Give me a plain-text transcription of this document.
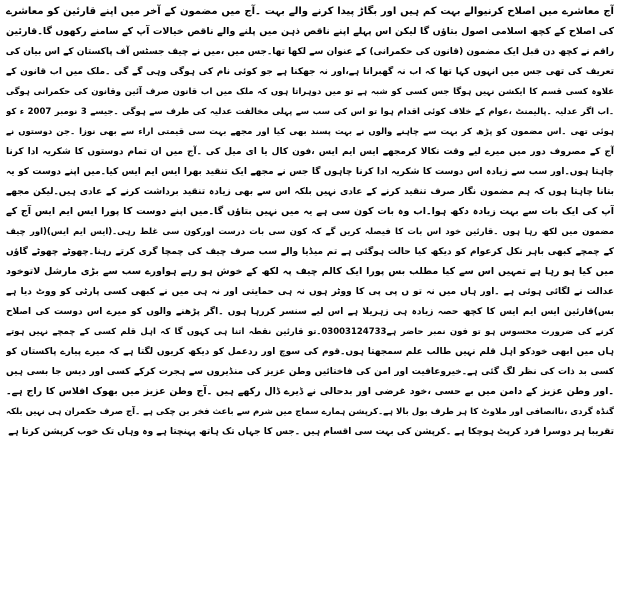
آج معاشرے میں اصلاح کرنیوالے بہت کم ہیں اور بگاڑ پیدا کرنے والے بہت ۔آج میں مضمون کے آخر میں اپنے قارئین کو معاشرے
کی اصلاح کے کچھ اسلامی اصول بتاؤں گا لیکن اس پہلے اپنے ناقص ذہن میں پلنے والے ناقص خیالات آپ کے سامنے رکھوں گا۔قارئین
راقم نے کچھ دن قبل ایک مضمون (قانون کی حکمرانی) کے عنوان سے لکھا تھا۔جس میں ،میں نے چیف جسٹس آف پاکستان کے اس بیان کی
تعریف کی تھی جس میں انہوں کہا تھا کہ اب نہ گھبرانا ہے،اور نہ جھکنا ہے جو کوئی نام کی ہوگی وہی گے گی ۔ملک میں اب قانون کے
علاوہ کسی قسم کا ایکشن نہیں ہوگا جس کسی کو شبہ ہے تو میں دوہراتا ہوں کہ ملک میں اب قانون صرف آئین وقانون کی حکمرانی ہوگی
۔اب اگر عدلیہ ۔پالیمنٹ ،عوام کے خلاف کوئی اقدام ہوا تو اس کی سب سے پہلی مخالفت عدلیہ کی طرف سے ہوگی ۔جیسے 3 نومبر 2007 ء کو
ہوئی تھی ۔اس مضمون کو پڑھ کر بہت سے چاہنے والوں نے بہت پسند بھی کیا اور مجھے بہت سی قیمتی اراء سے بھی نوزا ۔جن دوستوں نے
آج کے مصروف دور میں میرے لیے وقت نکالا کرمجھے ایس ایم ایس ،فون کال یا ای میل کی ۔آج میں ان تمام دوستوں کا شکریہ ادا کرنا
چاہتا ہوں۔اور سب سے زیادہ اس دوست کا شکریہ ادا کرنا چاہوں گا جس نے مجھے ایک تنقید بھرا ایس ایم ایس کیا۔میں اپنے دوست کو یہ
بتانا چاہتا ہوں کہ ہم مضمون نگار صرف تنقید کرنے کے عادی نہیں بلکہ اس سے بھی زیادہ تنقید برداشت کرنے کے عادی ہیں۔لیکن مجھے
آپ کی ایک بات سے بہت زیادہ دکھ ہوا۔اب وہ بات کون سی ہے یہ میں نہیں بتاؤں گا۔میں اپنے دوست کا پورا ایس ایم ایس آج کے
مضمون میں لکھ رہا ہوں ۔قارئین خود اس بات کا فیصلہ کریں گے کہ کون سی بات درست اورکون سی غلط رہی۔(ایس ایم ایس)(اور چیف
کے چمچے کبھی باہر نکل کرعوام کو دیکھ کیا حالت ہوگئی ہے تم میڈیا والے سب صرف چیف کی چمچا گری کرتے رہنا۔چھوٹے چھوٹے گاؤں
میں کیا ہو رہا ہے تمہیں اس سے کیا مطلب بس پورا ایک کالم چیف پہ لکھ کے خوش ہو رہے ہواورے سب سے بڑی مارشل لاتوخود
عدالت نے لگائی ہوئی ہے ۔اور ہاں میں نہ تو ں پی پی کا ووٹر ہوں نہ ہی حمایتی اور نہ ہی میں نے کبھی کسی پارٹی کو ووٹ دیا ہے
بس)قارئین ایس ایم ایس کا کچھ حصہ زیادہ ہی زہریلا ہے اس لیے سنسر کررہا ہوں ۔اگر پڑھنے والوں کو میرے اس دوست کی اصلاح
کرنے کی ضرورت محسوس ہو تو فون نمبر حاضر ہے03003124733۔تو قارئین نقطہ اتنا ہی کہوں گا کہ اہل قلم کسی کے چمچے نہیں ہوتے
ہاں میں ابھی خودکو اہل قلم نہیں طالب علم سمجھتا ہوں۔قوم کی سوچ اور ردعمل کو دیکھ کریوں لگتا ہے کہ میرے پیارے پاکستان کو
کسی بد ذات کی نظر لگ گئی ہے۔خیروعافیت اور امن کی فاختائیں وطن عزیز کی منڈیروں سے ہجرت کرکے کسی اور دیس جا بسی ہیں
۔اور وطن عزیز کے دامن میں بے حسی ،خود غرضی اور بدحالی نے ڈیرے ڈال رکھے ہیں ۔آج وطن عزیز میں بھوک افلاس کا راج ہے۔
گنڈہ گردی ،ناانصافی اور ملاوٹ کا ہر طرف بول بالا ہے۔کرپشن ہمارے سماج میں شرم سے باعث فخر بن چکی ہے ۔آج صرف حکمران ہی نہیں بلکہ
تقریبا ہر دوسرا فرد کرپٹ ہوچکا ہے ۔کرپشن کی بہت سی اقسام ہیں ۔جس کا جہاں تک ہاتھ پہنچتا ہے وہ وہاں تک خوب کرپشن کرتا ہے
